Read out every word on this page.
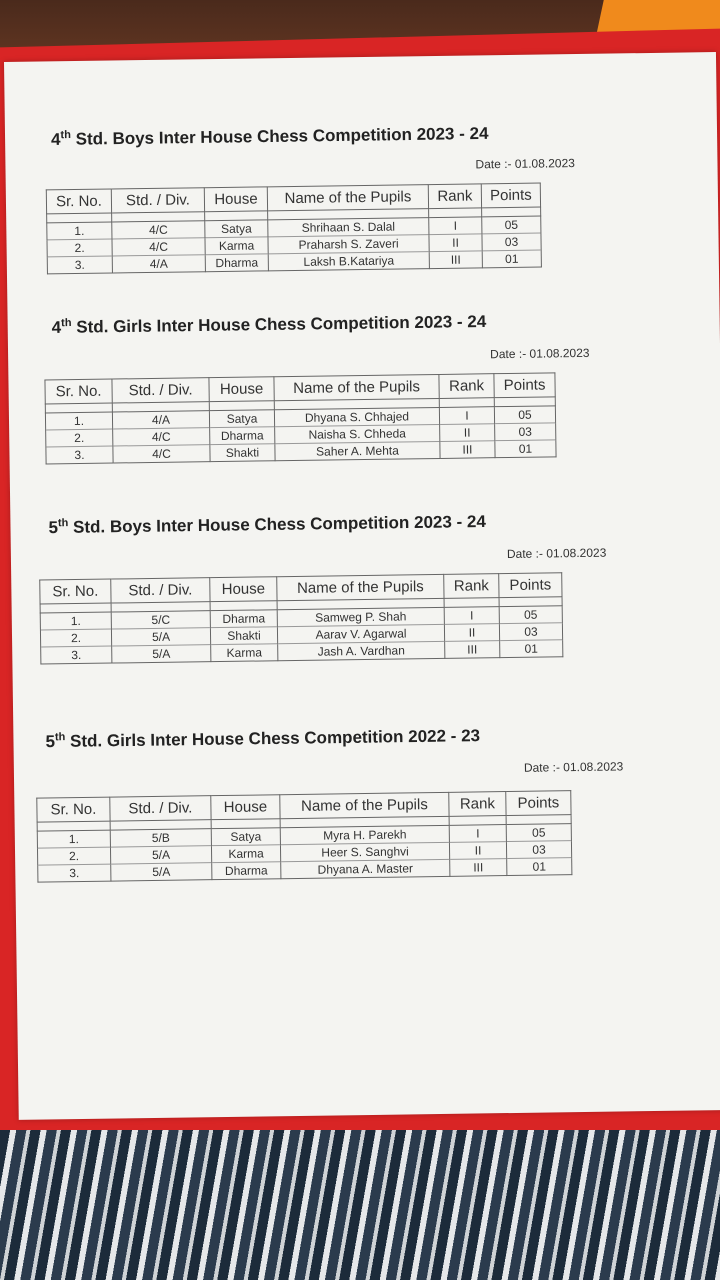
4th Std. Boys Inter House Chess Competition 2023 - 24
Date :- 01.08.2023
Sr. No.	Std. / Div.	House	Name of the Pupils	Rank	Points

1.	4/C	Satya	Shrihaan S. Dalal	I	05
2.	4/C	Karma	Praharsh S. Zaveri	II	03
3.	4/A	Dharma	Laksh B.Katariya	III	01
4th Std. Girls Inter House Chess Competition 2023 - 24
Date :- 01.08.2023
Sr. No.	Std. / Div.	House	Name of the Pupils	Rank	Points

1.	4/A	Satya	Dhyana S. Chhajed	I	05
2.	4/C	Dharma	Naisha S. Chheda	II	03
3.	4/C	Shakti	Saher A. Mehta	III	01
5th Std. Boys Inter House Chess Competition 2023 - 24
Date :- 01.08.2023
Sr. No.	Std. / Div.	House	Name of the Pupils	Rank	Points

1.	5/C	Dharma	Samweg P. Shah	I	05
2.	5/A	Shakti	Aarav V. Agarwal	II	03
3.	5/A	Karma	Jash A. Vardhan	III	01
5th Std. Girls Inter House Chess Competition 2022 - 23
Date :- 01.08.2023
Sr. No.	Std. / Div.	House	Name of the Pupils	Rank	Points

1.	5/B	Satya	Myra H. Parekh	I	05
2.	5/A	Karma	Heer S. Sanghvi	II	03
3.	5/A	Dharma	Dhyana A. Master	III	01
